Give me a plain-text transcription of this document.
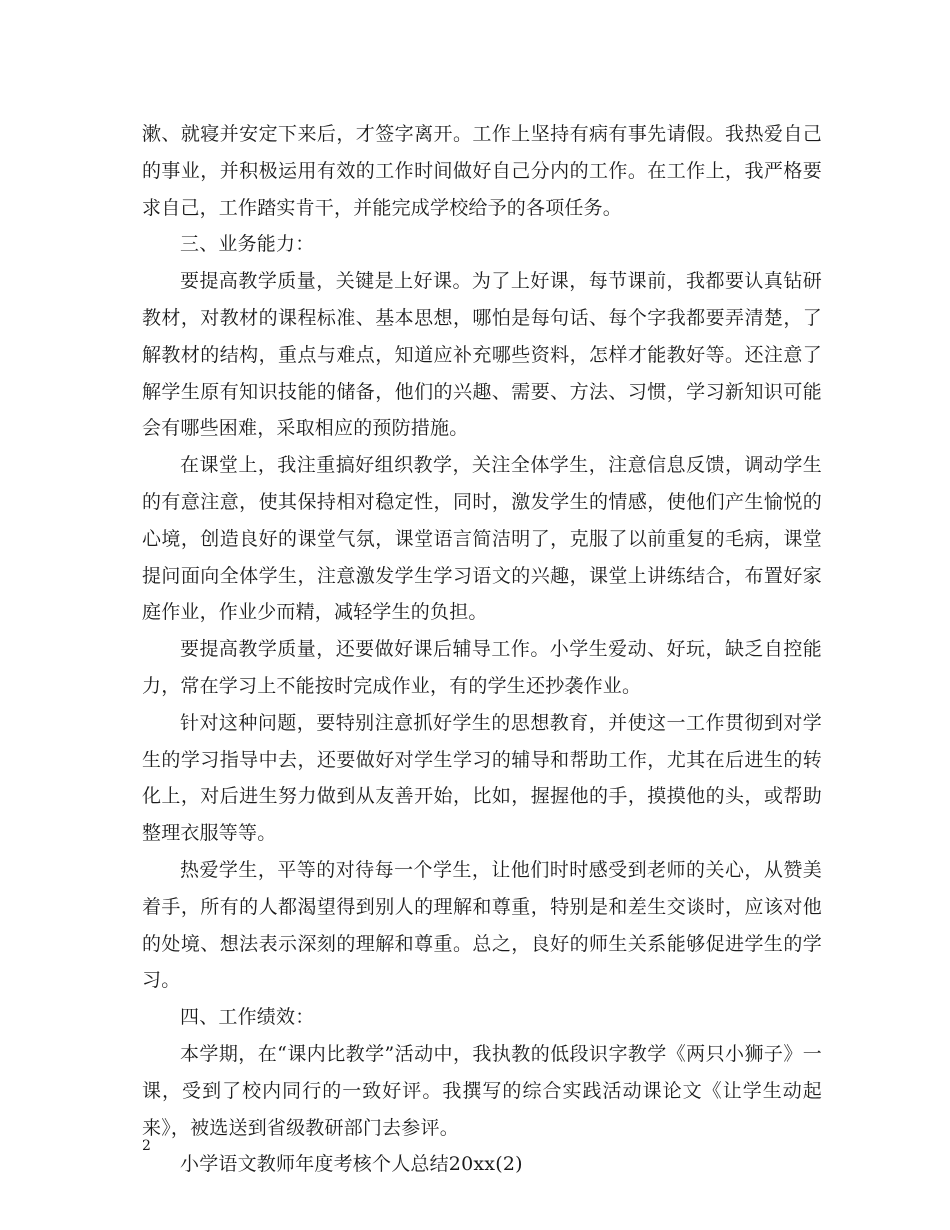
漱、就寝并安定下来后，才签字离开。工作上坚持有病有事先请假。我热爱自己的事业，并积极运用有效的工作时间做好自己分内的工作。在工作上，我严格要求自己，工作踏实肯干，并能完成学校给予的各项任务。

三、业务能力：

要提高教学质量，关键是上好课。为了上好课，每节课前，我都要认真钻研教材，对教材的课程标准、基本思想，哪怕是每句话、每个字我都要弄清楚，了解教材的结构，重点与难点，知道应补充哪些资料，怎样才能教好等。还注意了解学生原有知识技能的储备，他们的兴趣、需要、方法、习惯，学习新知识可能会有哪些困难，采取相应的预防措施。

在课堂上，我注重搞好组织教学，关注全体学生，注意信息反馈，调动学生的有意注意，使其保持相对稳定性，同时，激发学生的情感，使他们产生愉悦的心境，创造良好的课堂气氛，课堂语言简洁明了，克服了以前重复的毛病，课堂提问面向全体学生，注意激发学生学习语文的兴趣，课堂上讲练结合，布置好家庭作业，作业少而精，减轻学生的负担。

要提高教学质量，还要做好课后辅导工作。小学生爱动、好玩，缺乏自控能力，常在学习上不能按时完成作业，有的学生还抄袭作业。

针对这种问题，要特别注意抓好学生的思想教育，并使这一工作贯彻到对学生的学习指导中去，还要做好对学生学习的辅导和帮助工作，尤其在后进生的转化上，对后进生努力做到从友善开始，比如，握握他的手，摸摸他的头，或帮助整理衣服等等。

热爱学生，平等的对待每一个学生，让他们时时感受到老师的关心，从赞美着手，所有的人都渴望得到别人的理解和尊重，特别是和差生交谈时，应该对他的处境、想法表示深刻的理解和尊重。总之，良好的师生关系能够促进学生的学习。

四、工作绩效：

本学期，在“课内比教学”活动中，我执教的低段识字教学《两只小狮子》一课，受到了校内同行的一致好评。我撰写的综合实践活动课论文《让学生动起来》，被选送到省级教研部门去参评。

小学语文教师年度考核个人总结20xx(2)

2
